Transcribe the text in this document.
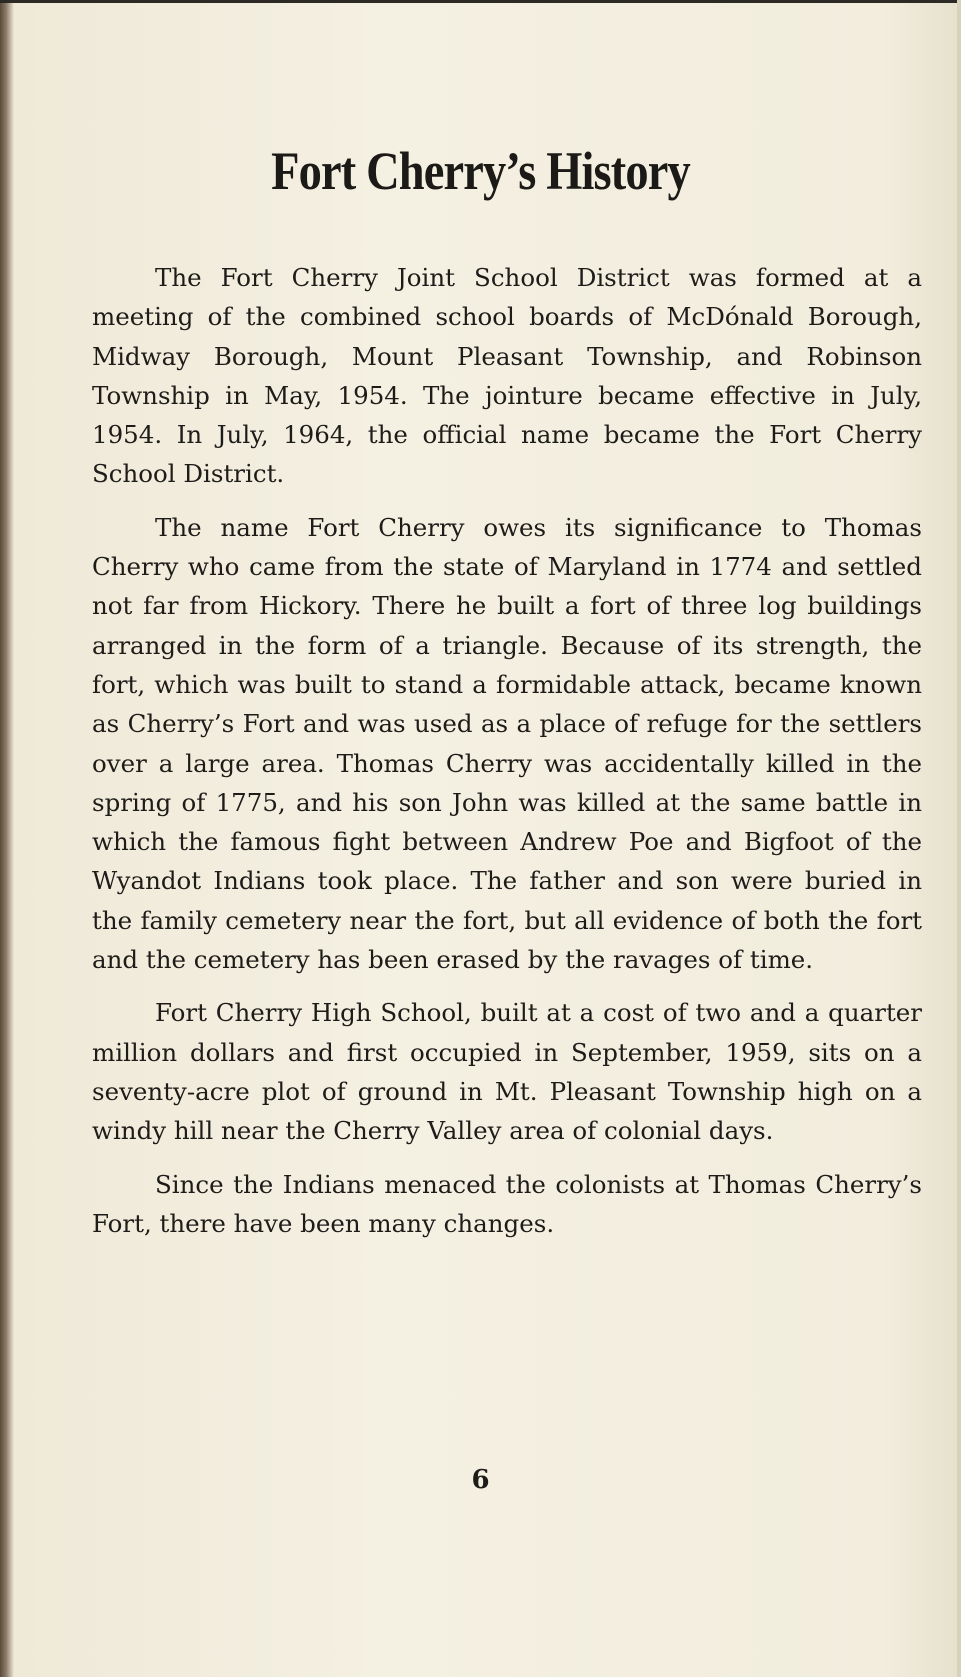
Fort Cherry’s History

The Fort Cherry Joint School District was formed at a meeting of the combined school boards of McDónald Borough, Midway Borough, Mount Pleasant Township, and Robinson Township in May, 1954. The jointure became effective in July, 1954. In July, 1964, the official name became the Fort Cherry School District.

The name Fort Cherry owes its significance to Thomas Cherry who came from the state of Maryland in 1774 and settled not far from Hickory. There he built a fort of three log buildings arranged in the form of a triangle. Because of its strength, the fort, which was built to stand a formidable attack, became known as Cherry’s Fort and was used as a place of refuge for the settlers over a large area. Thomas Cherry was accidentally killed in the spring of 1775, and his son John was killed at the same battle in which the famous fight between Andrew Poe and Bigfoot of the Wyandot Indians took place. The father and son were buried in the family cemetery near the fort, but all evidence of both the fort and the cemetery has been erased by the ravages of time.

Fort Cherry High School, built at a cost of two and a quarter million dollars and first occupied in September, 1959, sits on a seventy-acre plot of ground in Mt. Pleasant Township high on a windy hill near the Cherry Valley area of colonial days.

Since the Indians menaced the colonists at Thomas Cherry’s Fort, there have been many changes.

6
